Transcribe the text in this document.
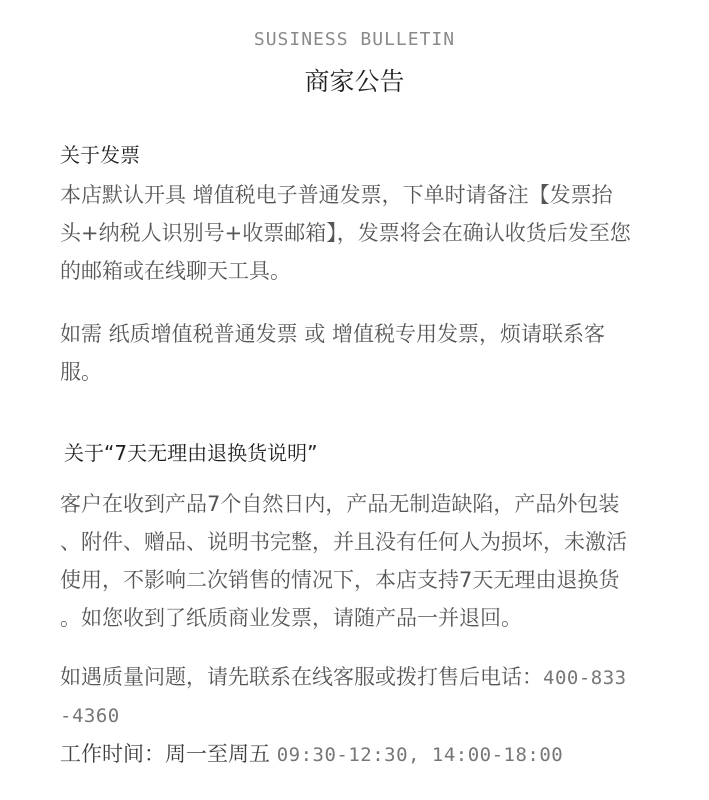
SUSINESS BULLETIN
商家公告
关于发票
本店默认开具 增值税电子普通发票，下单时请备注【发票抬
头+纳税人识别号+收票邮箱】，发票将会在确认收货后发至您
的邮箱或在线聊天工具。
如需 纸质增值税普通发票 或 增值税专用发票，烦请联系客
服。
关于“7天无理由退换货说明”
客户在收到产品7个自然日内，产品无制造缺陷，产品外包装
、附件、赠品、说明书完整，并且没有任何人为损坏，未激活
使用，不影响二次销售的情况下，本店支持7天无理由退换货
。如您收到了纸质商业发票，请随产品一并退回。
如遇质量问题，请先联系在线客服或拨打售后电话：400-833
-4360
工作时间：周一至周五 09:30-12:30, 14:00-18:00
